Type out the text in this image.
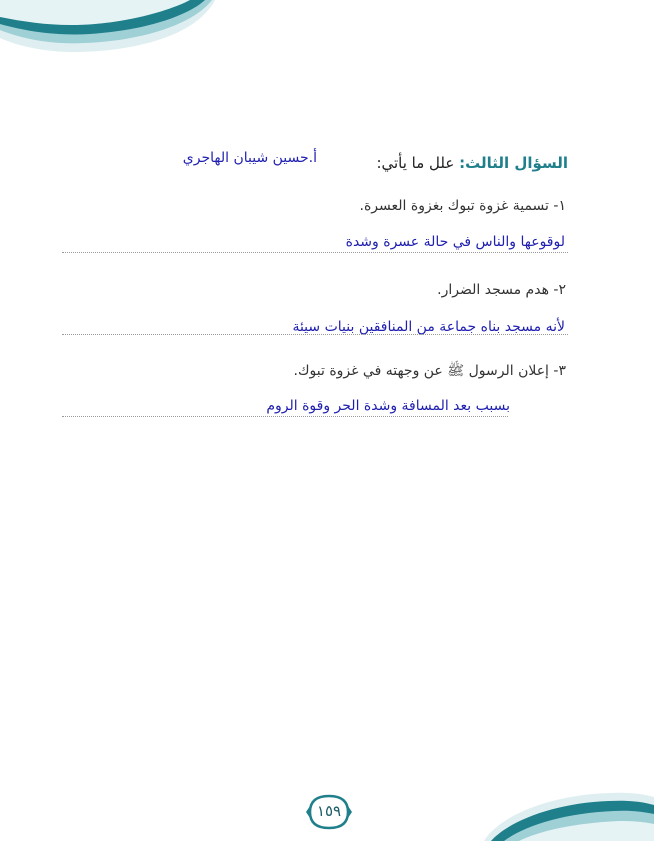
السؤال الثالث: علل ما يأتي:
أ.حسين شيبان الهاجري
١- تسمية غزوة تبوك بغزوة العسرة.
لوقوعها والناس في حالة عسرة وشدة
٢- هدم مسجد الضرار.
لأنه مسجد بناه جماعة من المنافقين بنيات سيئة
٣- إعلان الرسول ﷺ عن وجهته في غزوة تبوك.
بسبب بعد المسافة وشدة الحر وقوة الروم
١٥٩
